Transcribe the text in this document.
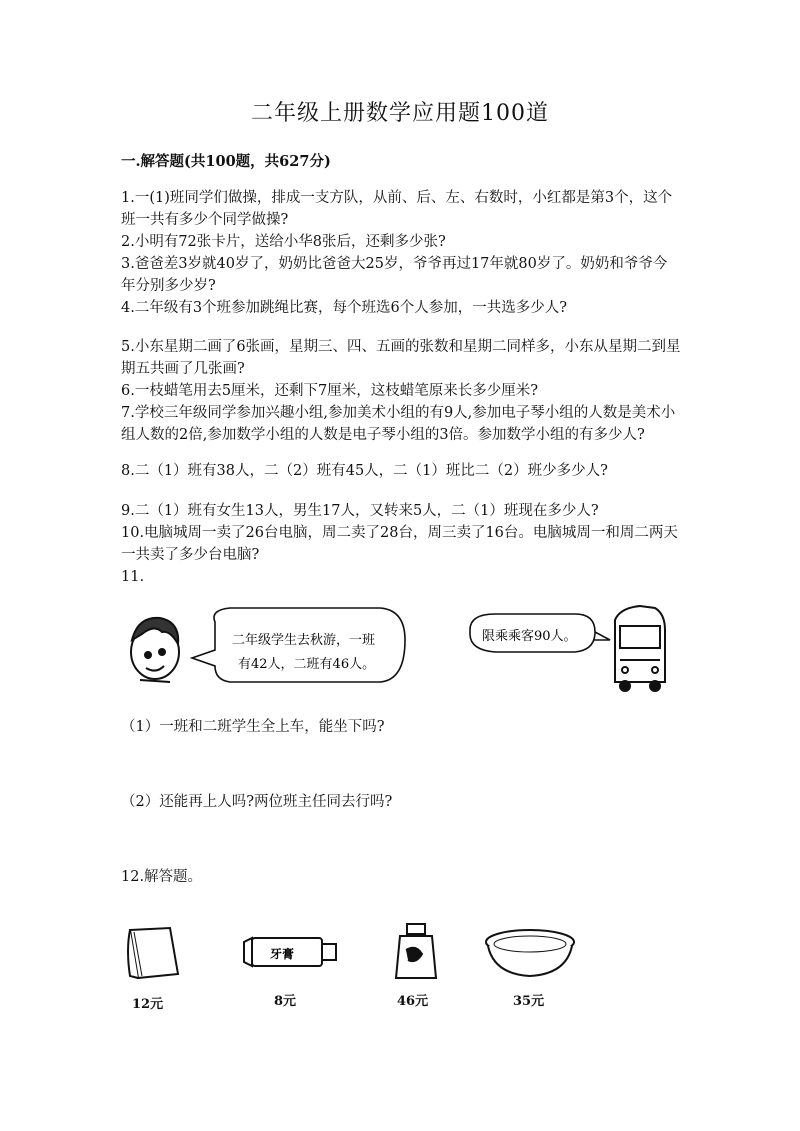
二年级上册数学应用题100道
一.解答题(共100题，共627分)
1.一(1)班同学们做操，排成一支方队，从前、后、左、右数时，小红都是第3个，这个班一共有多少个同学做操?
2.小明有72张卡片，送给小华8张后，还剩多少张?
3.爸爸差3岁就40岁了，奶奶比爸爸大25岁，爷爷再过17年就80岁了。奶奶和爷爷今年分别多少岁?
4.二年级有3个班参加跳绳比赛，每个班选6个人参加，一共选多少人?
5.小东星期二画了6张画，星期三、四、五画的张数和星期二同样多，小东从星期二到星期五共画了几张画?
6.一枝蜡笔用去5厘米，还剩下7厘米，这枝蜡笔原来长多少厘米?
7.学校三年级同学参加兴趣小组,参加美术小组的有9人,参加电子琴小组的人数是美术小组人数的2倍,参加数学小组的人数是电子琴小组的3倍。参加数学小组的有多少人?
8.二（1）班有38人，二（2）班有45人，二（1）班比二（2）班少多少人?
9.二（1）班有女生13人，男生17人，又转来5人，二（1）班现在多少人?
10.电脑城周一卖了26台电脑，周二卖了28台，周三卖了16台。电脑城周一和周二两天一共卖了多少台电脑?
11.
二年级学生去秋游，一班
有42人，二班有46人。
限乘乘客90人。
（1）一班和二班学生全上车，能坐下吗?
（2）还能再上人吗?两位班主任同去行吗?
12.解答题。
牙膏
12元	8元	46元	35元
